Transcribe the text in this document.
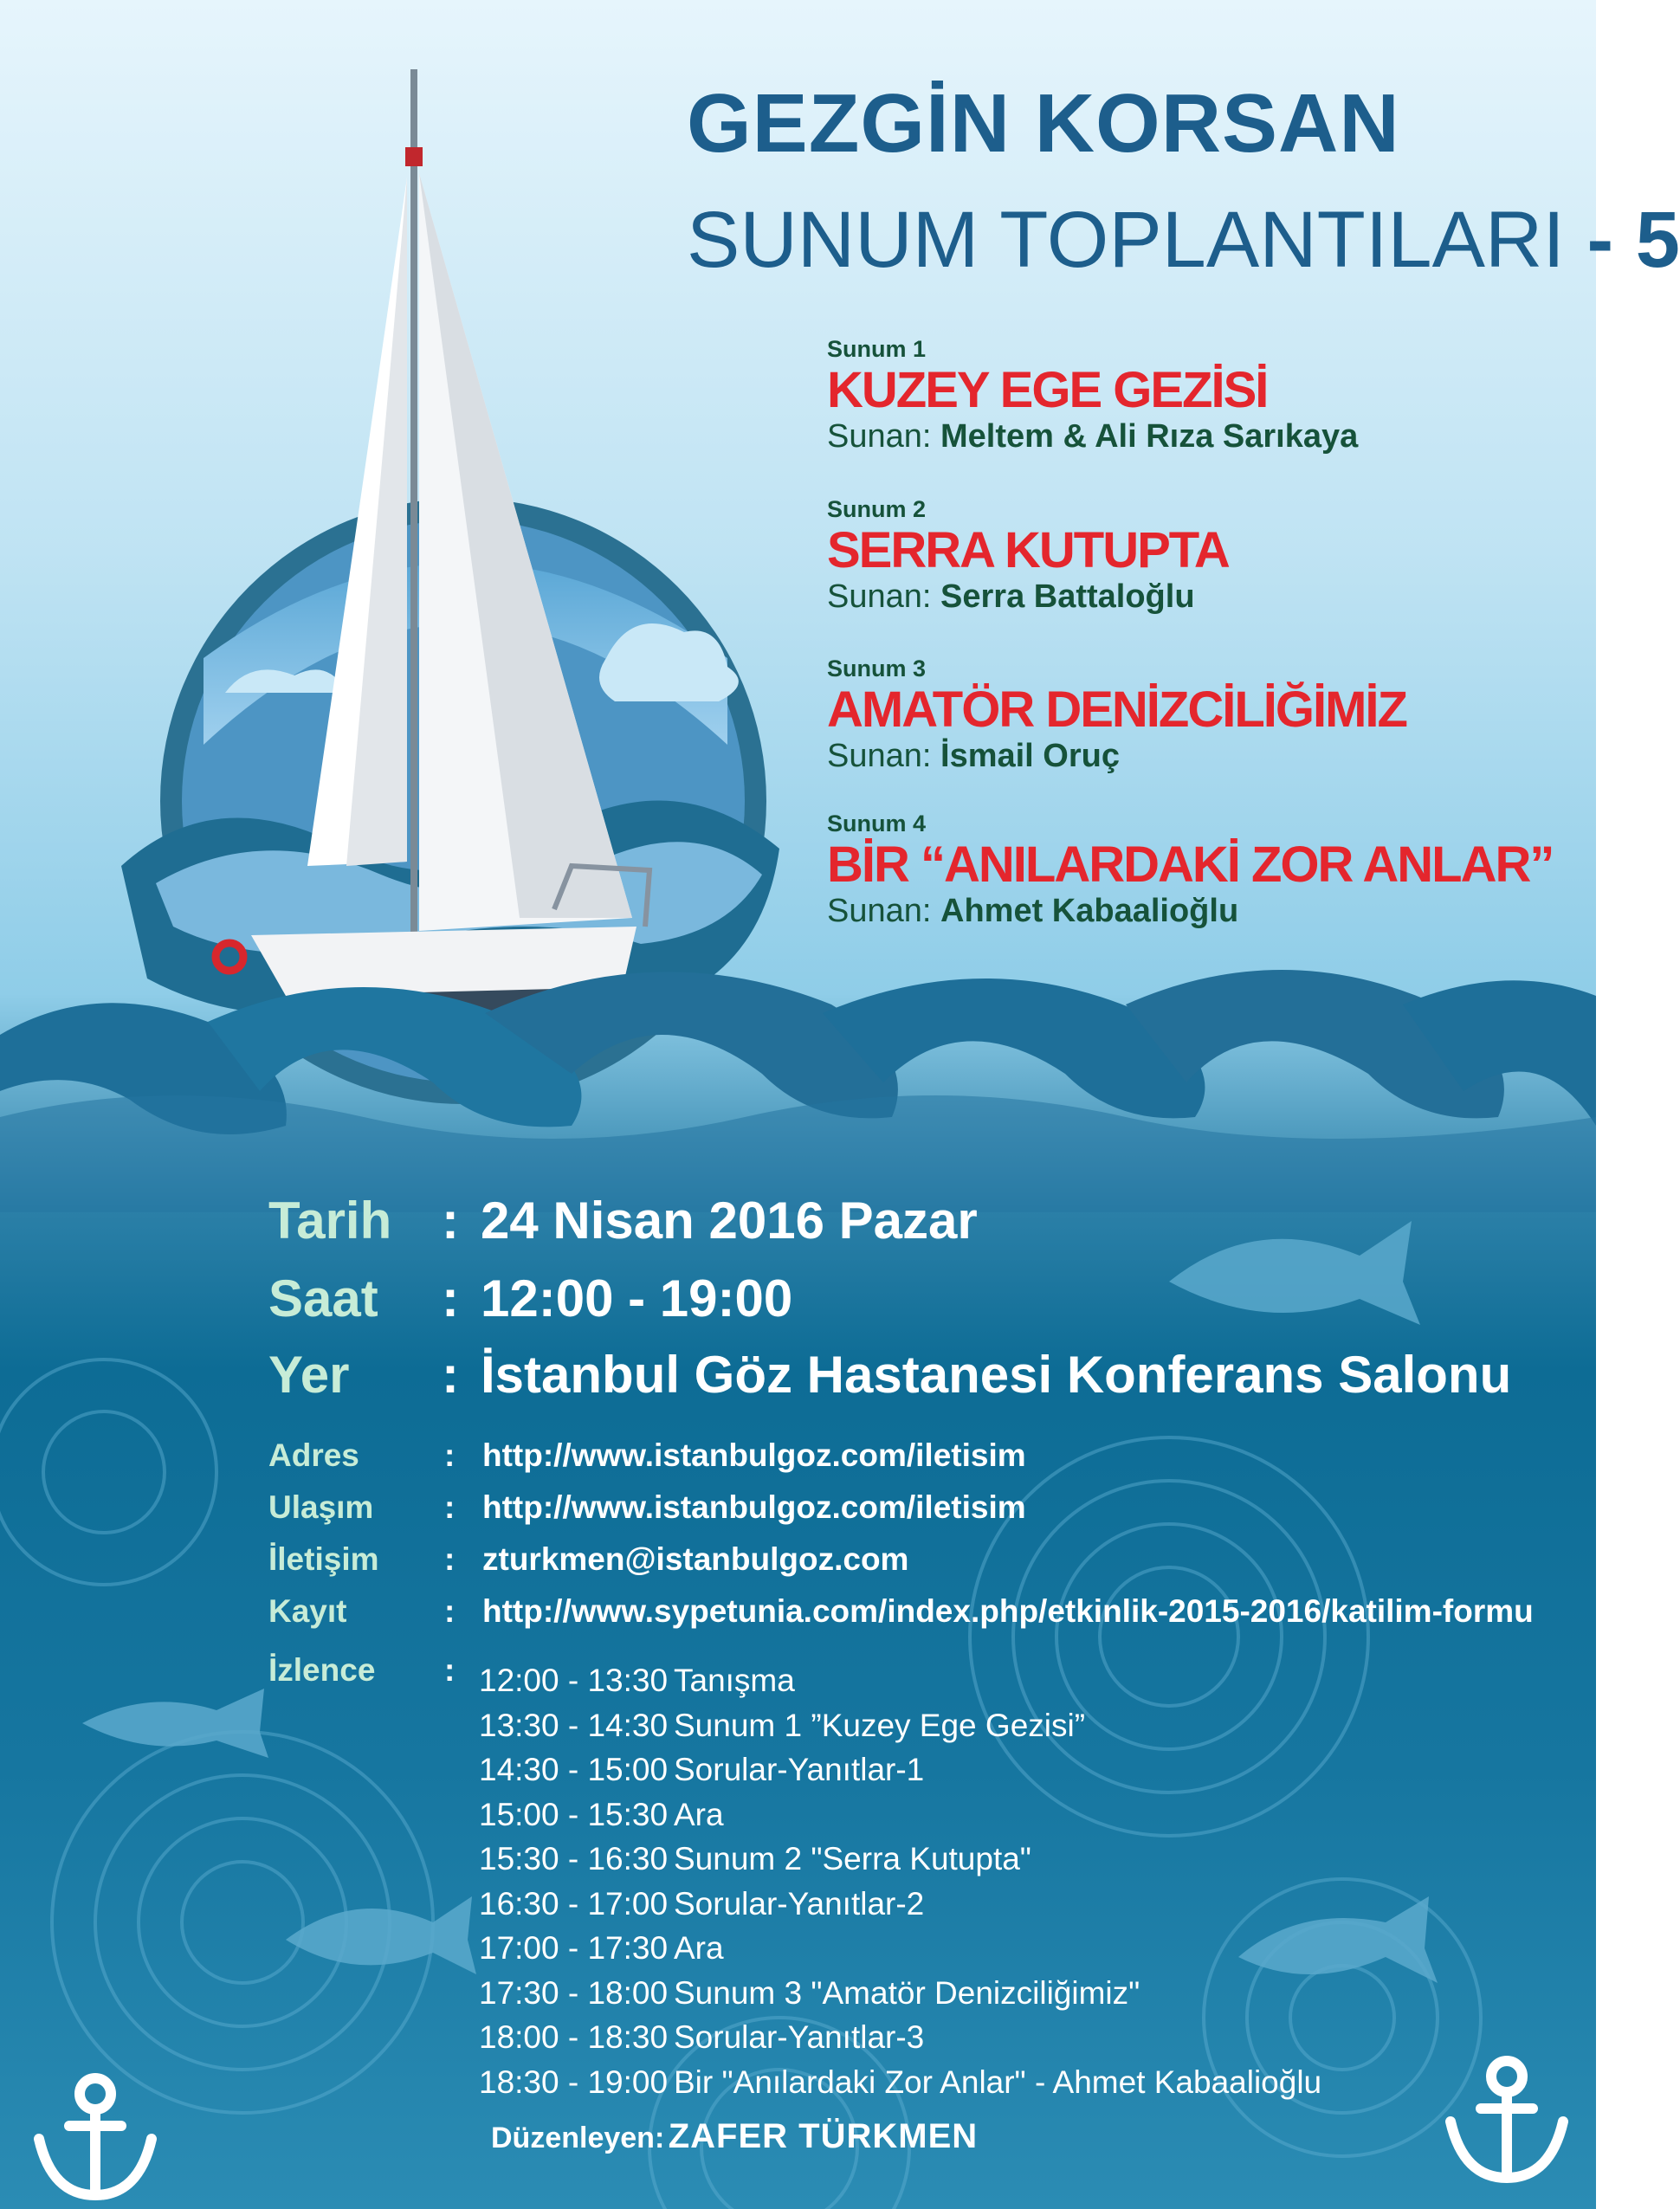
GEZGİN KORSAN
SUNUM TOPLANTILARI - 5
Sunum 1
KUZEY EGE GEZİSİ
Sunan: Meltem & Ali Rıza Sarıkaya
Sunum 2
SERRA KUTUPTA
Sunan: Serra Battaloğlu
Sunum 3
AMATÖR DENİZCİLİĞİMİZ
Sunan: İsmail Oruç
Sunum 4
BİR “ANILARDAKİ ZOR ANLAR”
Sunan: Ahmet Kabaalioğlu
Tarih : 24 Nisan 2016 Pazar
Saat : 12:00 - 19:00
Yer : İstanbul Göz Hastanesi Konferans Salonu
Adres	: http://www.istanbulgoz.com/iletisim
Ulaşım : http://www.istanbulgoz.com/iletisim
İletişim : zturkmen@istanbulgoz.com
Kayıt	: http://www.sypetunia.com/index.php/etkinlik-2015-2016/katilim-formu
İzlence : 12:00 - 13:30 Tanışma
13:30 - 14:30 Sunum 1 ”Kuzey Ege Gezisi”
14:30 - 15:00 Sorular-Yanıtlar-1
15:00 - 15:30 Ara
15:30 - 16:30 Sunum 2 "Serra Kutupta"
16:30 - 17:00 Sorular-Yanıtlar-2
17:00 - 17:30 Ara
17:30 - 18:00 Sunum 3 "Amatör Denizciliğimiz"
18:00 - 18:30 Sorular-Yanıtlar-3
18:30 - 19:00 Bir "Anılardaki Zor Anlar" - Ahmet Kabaalioğlu
Düzenleyen: ZAFER TÜRKMEN
